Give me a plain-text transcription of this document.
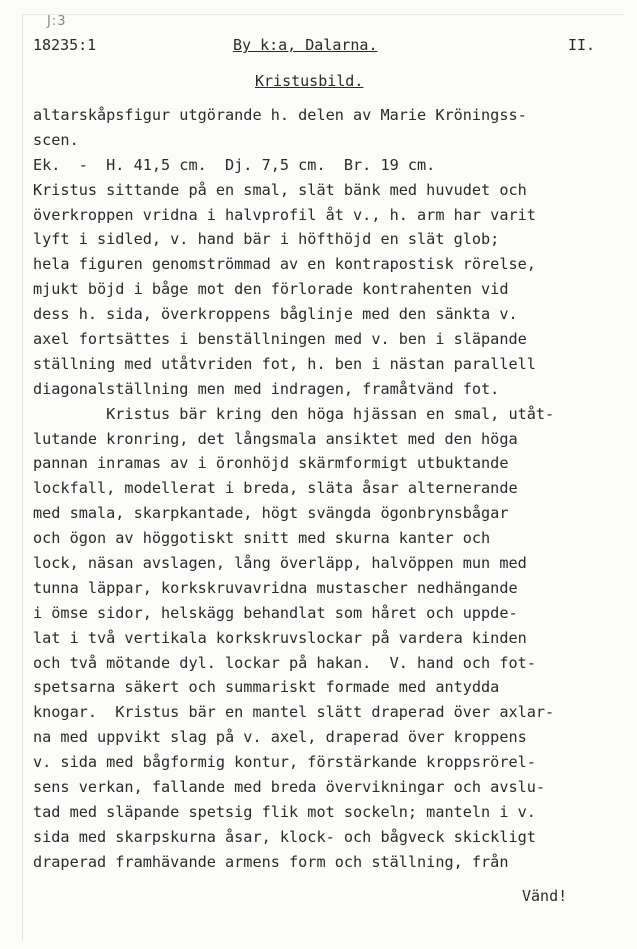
J:3
18235:1	By k:a, Dalarna.	II.
Kristusbild.
altarskåpsfigur utgörande h. delen av Marie Kröningss-
scen.
Ek.  -  H. 41,5 cm.  Dj. 7,5 cm.  Br. 19 cm.
Kristus sittande på en smal, slät bänk med huvudet och
överkroppen vridna i halvprofil åt v., h. arm har varit
lyft i sidled, v. hand bär i höfthöjd en slät glob;
hela figuren genomströmmad av en kontrapostisk rörelse,
mjukt böjd i båge mot den förlorade kontrahenten vid
dess h. sida, överkroppens båglinje med den sänkta v.
axel fortsättes i benställningen med v. ben i släpande
ställning med utåtvriden fot, h. ben i nästan parallell
diagonalställning men med indragen, framåtvänd fot.
Kristus bär kring den höga hjässan en smal, utåt-
lutande kronring, det långsmala ansiktet med den höga
pannan inramas av i öronhöjd skärmformigt utbuktande
lockfall, modellerat i breda, släta åsar alternerande
med smala, skarpkantade, högt svängda ögonbrynsbågar
och ögon av höggotiskt snitt med skurna kanter och
lock, näsan avslagen, lång överläpp, halvöppen mun med
tunna läppar, korkskruvavridna mustascher nedhängande
i ömse sidor, helskägg behandlat som håret och uppde-
lat i två vertikala korkskruvslockar på vardera kinden
och två mötande dyl. lockar på hakan.  V. hand och fot-
spetsarna säkert och summariskt formade med antydda
knogar.  Kristus bär en mantel slätt draperad över axlar-
na med uppvikt slag på v. axel, draperad över kroppens
v. sida med bågformig kontur, förstärkande kroppsrörel-
sens verkan, fallande med breda övervikningar och avslu-
tad med släpande spetsig flik mot sockeln; manteln i v.
sida med skarpskurna åsar, klock- och bågveck skickligt
draperad framhävande armens form och ställning, från
Vänd!
